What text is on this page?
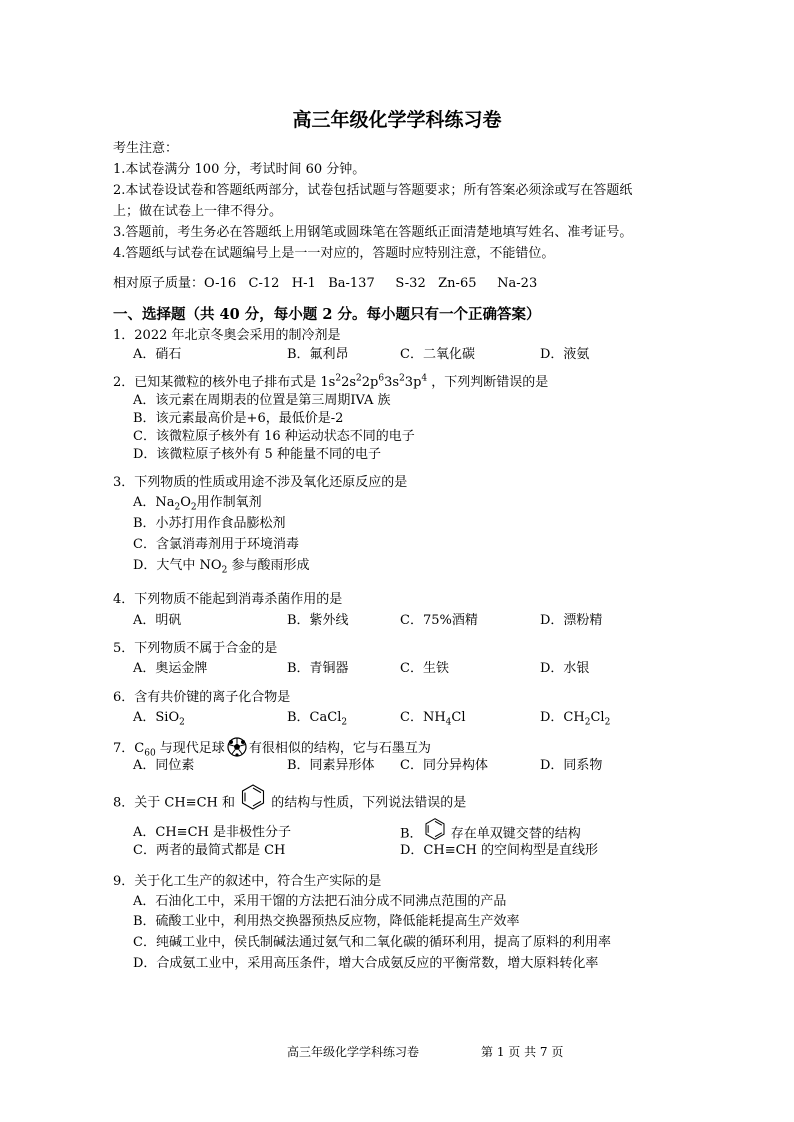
高三年级化学学科练习卷
考生注意：
1.本试卷满分 100 分，考试时间 60 分钟。
2.本试卷设试卷和答题纸两部分，试卷包括试题与答题要求；所有答案必须涂或写在答题纸
上；做在试卷上一律不得分。
3.答题前，考生务必在答题纸上用钢笔或圆珠笔在答题纸正面清楚地填写姓名、准考证号。
4.答题纸与试卷在试题编号上是一一对应的，答题时应特别注意，不能错位。
相对原子质量：O-16 C-12 H-1 Ba-137 S-32 Zn-65 Na-23
一、选择题（共 40 分，每小题 2 分。每小题只有一个正确答案）
1．2022 年北京冬奥会采用的制冷剂是
A．硝石	B．氟利昂	C．二氧化碳	D．液氨
2．已知某微粒的核外电子排布式是 $1s^22s^22p^63s^23p^4$ ，下列判断错误的是
A．该元素在周期表的位置是第三周期IVA 族
B．该元素最高价是+6，最低价是-2
C．该微粒原子核外有 16 种运动状态不同的电子
D．该微粒原子核外有 5 种能量不同的电子
3．下列物质的性质或用途不涉及氧化还原反应的是
A．$Na_2O_2$用作制氧剂
B．小苏打用作食品膨松剂
C．含氯消毒剂用于环境消毒
D．大气中 $NO_2$ 参与酸雨形成
4．下列物质不能起到消毒杀菌作用的是
A．明矾	B．紫外线	C．75%酒精	D．漂粉精
5．下列物质不属于合金的是
A．奥运金牌	B．青铜器	C．生铁	D．水银
6．含有共价键的离子化合物是
A．SiO$_2$	B．CaCl$_2$	C．$NH_4Cl$	D．$CH_2Cl_2$
7．$C_{60}$ 与现代足球 有很相似的结构，它与石墨互为
A．同位素	B．同素异形体 C．同分异构体	D．同系物
8．关于 CH≡CH 和	的结构与性质，下列说法错误的是
A．CH≡CH 是非极性分子	B． 存在单双键交替的结构
C．两者的最简式都是 CH	D．CH≡CH 的空间构型是直线形
9．关于化工生产的叙述中，符合生产实际的是
A．石油化工中，采用干馏的方法把石油分成不同沸点范围的产品
B．硫酸工业中，利用热交换器预热反应物，降低能耗提高生产效率
C．纯碱工业中，侯氏制碱法通过氨气和二氧化碳的循环利用，提高了原料的利用率
D．合成氨工业中，采用高压条件，增大合成氨反应的平衡常数，增大原料转化率
高三年级化学学科练习卷	第 1 页 共 7 页
